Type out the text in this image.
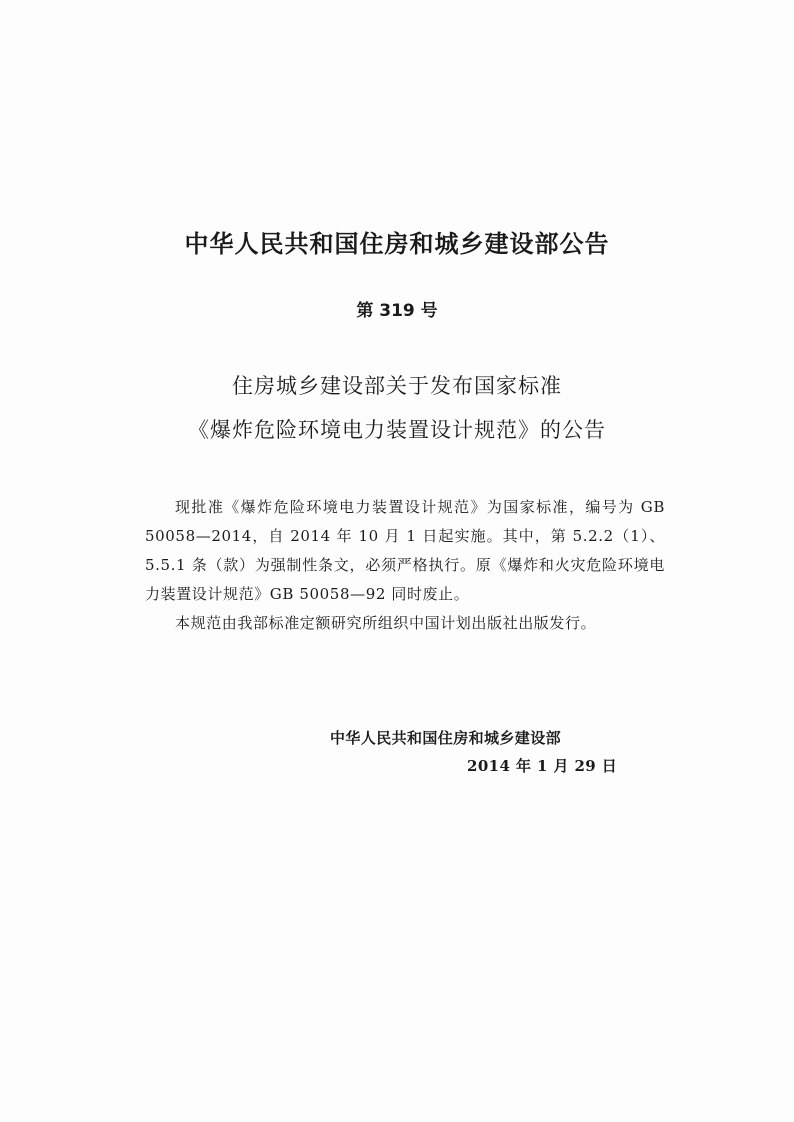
中华人民共和国住房和城乡建设部公告
第 319 号
住房城乡建设部关于发布国家标准
《爆炸危险环境电力装置设计规范》的公告

现批准《爆炸危险环境电力装置设计规范》为国家标准，编号为 GB 50058—2014，自 2014 年 10 月 1 日起实施。其中，第 5.2.2（1）、5.5.1 条（款）为强制性条文，必须严格执行。原《爆炸和火灾危险环境电力装置设计规范》GB 50058—92 同时废止。

本规范由我部标准定额研究所组织中国计划出版社出版发行。

中华人民共和国住房和城乡建设部
2014 年 1 月 29 日
